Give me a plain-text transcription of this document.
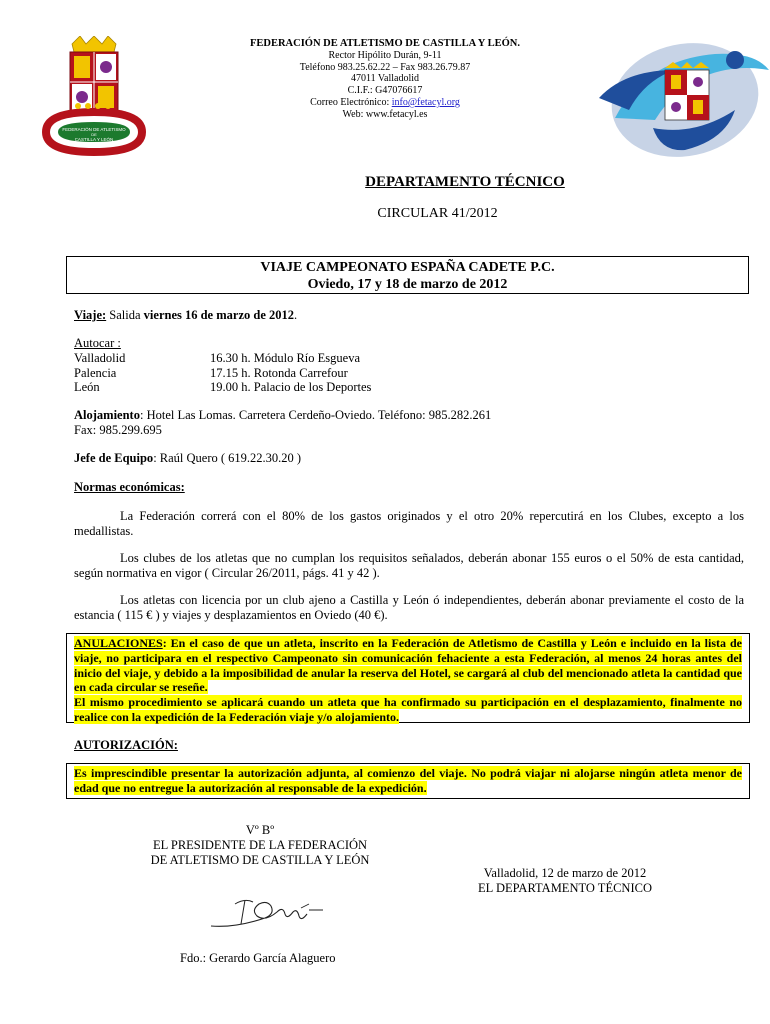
FEDERACIÓN DE ATLETISMO
DE
CASTILLA Y LEÓN
FEDERACIÓN DE ATLETISMO DE CASTILLA Y LEÓN.
Rector Hipólito Durán, 9-11
Teléfono 983.25.62.22 – Fax 983.26.79.87
47011 Valladolid
C.I.F.: G47076617
Correo Electrónico: info@fetacyl.org
Web: www.fetacyl.es
DEPARTAMENTO TÉCNICO
CIRCULAR 41/2012
VIAJE CAMPEONATO ESPAÑA CADETE P.C.
Oviedo, 17 y 18 de marzo de 2012
Viaje: Salida viernes 16 de marzo de 2012.
Autocar :
Valladolid	16.30 h. Módulo Río Esgueva
Palencia	17.15 h. Rotonda Carrefour
León	19.00 h. Palacio de los Deportes
Alojamiento: Hotel Las Lomas. Carretera Cerdeño-Oviedo. Teléfono: 985.282.261
Fax: 985.299.695
Jefe de Equipo: Raúl Quero ( 619.22.30.20 )
Normas económicas:
La Federación correrá con el 80% de los gastos originados y el otro 20% repercutirá en los Clubes, excepto a los medallistas.
Los clubes de los atletas que no cumplan los requisitos señalados, deberán abonar 155 euros o el 50% de esta cantidad, según normativa en vigor ( Circular 26/2011, págs. 41 y 42 ).
Los atletas con licencia por un club ajeno a Castilla y León ó independientes, deberán abonar previamente el costo de la estancia ( 115 € ) y viajes y desplazamientos en Oviedo (40 €).
ANULACIONES: En el caso de que un atleta, inscrito en la Federación de Atletismo de Castilla y León e incluido en la lista de viaje, no participara en el respectivo Campeonato sin comunicación fehaciente a esta Federación, al menos 24 horas antes del inicio del viaje, y debido a la imposibilidad de anular la reserva del Hotel, se cargará al club del mencionado atleta la cantidad que en cada circular se reseñe.
El mismo procedimiento se aplicará cuando un atleta que ha confirmado su participación en el desplazamiento, finalmente no realice con la expedición de la Federación viaje y/o alojamiento.
AUTORIZACIÓN:
Es imprescindible presentar la autorización adjunta, al comienzo del viaje. No podrá viajar ni alojarse ningún atleta menor de edad que no entregue la autorización al responsable de la expedición.
Vº Bº
EL PRESIDENTE DE LA FEDERACIÓN
DE ATLETISMO DE CASTILLA Y LEÓN
Valladolid, 12 de marzo de 2012
EL DEPARTAMENTO TÉCNICO
Fdo.: Gerardo García Alaguero
